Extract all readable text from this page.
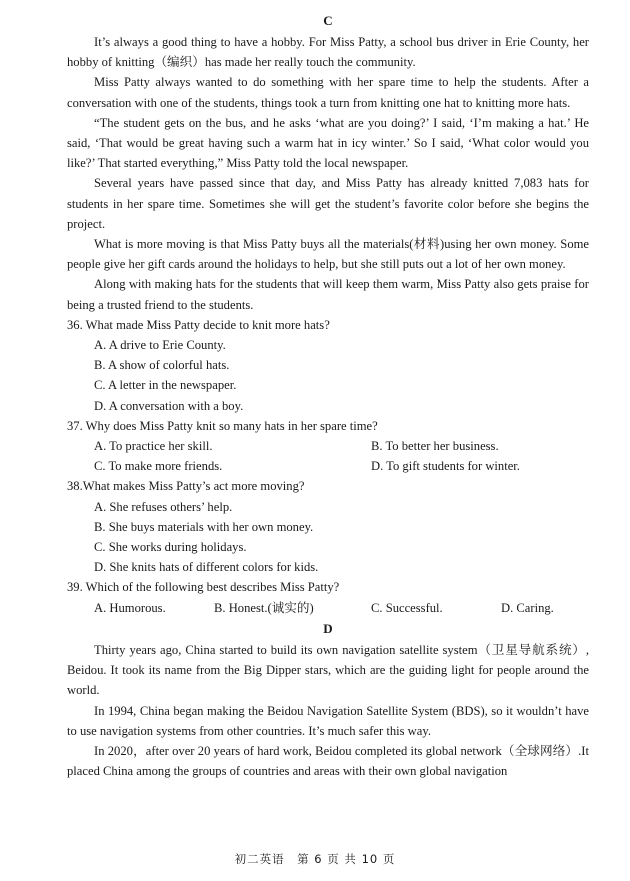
C

It’s always a good thing to have a hobby. For Miss Patty, a school bus driver in Erie County, her hobby of knitting（编织）has made her really touch the community.

Miss Patty always wanted to do something with her spare time to help the students. After a conversation with one of the students, things took a turn from knitting one hat to knitting more hats.

“The student gets on the bus, and he asks ‘what are you doing?’ I said, ‘I’m making a hat.’ He said, ‘That would be great having such a warm hat in icy winter.’ So I said, ‘What color would you like?’ That started everything,” Miss Patty told the local newspaper.

Several years have passed since that day, and Miss Patty has already knitted 7,083 hats for students in her spare time. Sometimes she will get the student’s favorite color before she begins the project.

What is more moving is that Miss Patty buys all the materials(材料)using her own money. Some people give her gift cards around the holidays to help, but she still puts out a lot of her own money.

Along with making hats for the students that will keep them warm, Miss Patty also gets praise for being a trusted friend to the students.

36. What made Miss Patty decide to knit more hats?

A. A drive to Erie County.

B. A show of colorful hats.

C. A letter in the newspaper.

D. A conversation with a boy.

37. Why does Miss Patty knit so many hats in her spare time?

A. To practice her skill.	B. To better her business.
C. To make more friends.	D. To gift students for winter.

38.What makes Miss Patty’s act more moving?

A. She refuses others’ help.

B. She buys materials with her own money.

C. She works during holidays.

D. She knits hats of different colors for kids.

39. Which of the following best describes Miss Patty?

A. Humorous.	B. Honest.(诚实的)	C. Successful.	D. Caring.
D

Thirty years ago, China started to build its own navigation satellite system（卫星导航系统）, Beidou. It took its name from the Big Dipper stars, which are the guiding light for people around the world.

In 1994, China began making the Beidou Navigation Satellite System (BDS), so it wouldn’t have to use navigation systems from other countries. It’s much safer this way.

In 2020，after over 20 years of hard work, Beidou completed its global network（全球网络）.It placed China among the groups of countries and areas with their own global navigation

初二英语　第 6 页 共 10 页
